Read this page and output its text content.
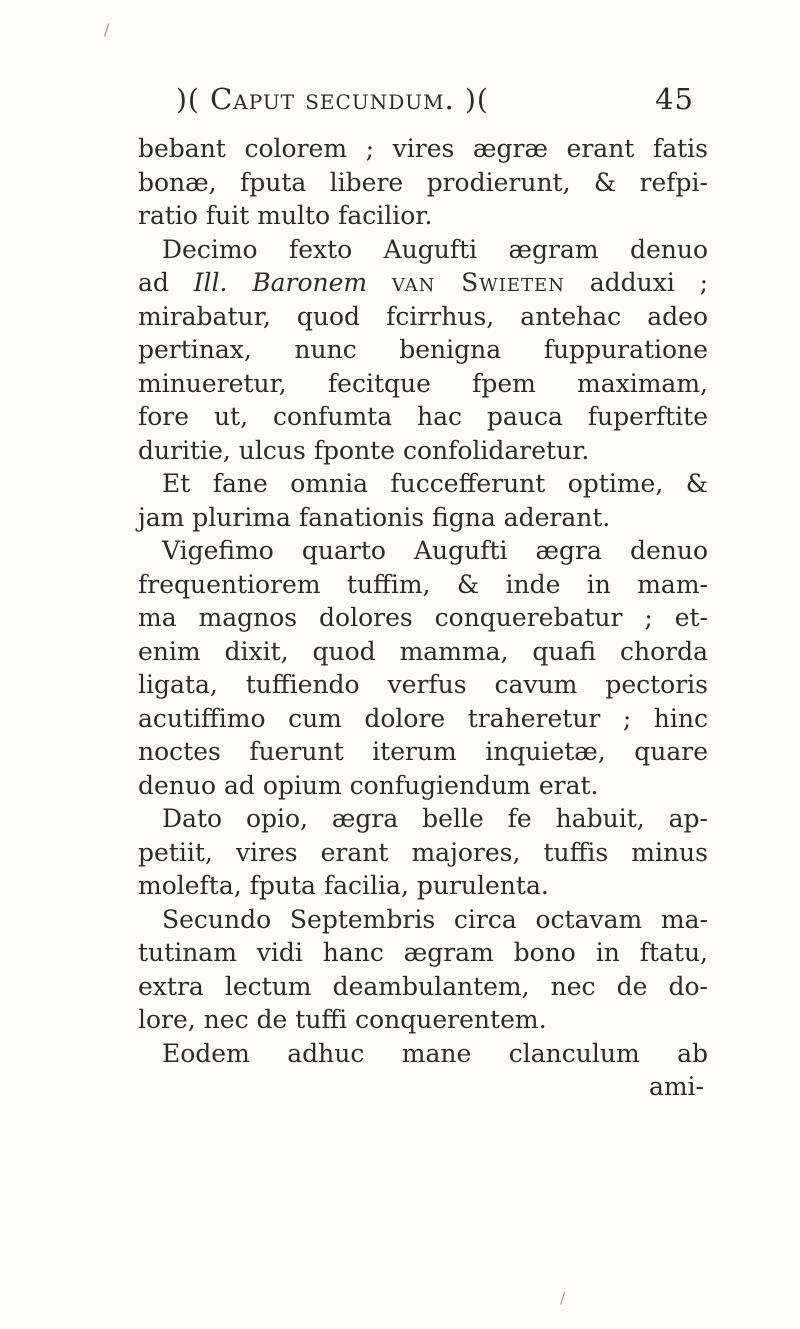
)( Caput secundum. )(	45
bebant colorem ; vires ægræ erant fatis
bonæ, fputa libere prodierunt, & refpi-
ratio fuit multo facilior.
Decimo fexto Augufti ægram denuo
ad Ill. Baronem van Swieten adduxi ;
mirabatur, quod fcirrhus, antehac adeo
pertinax, nunc benigna fuppuratione
minueretur, fecitque fpem maximam,
fore ut, confumta hac pauca fuperftite
duritie, ulcus fponte confolidaretur.
Et fane omnia fuccefferunt optime, &
jam plurima fanationis figna aderant.
Vigefimo quarto Augufti ægra denuo
frequentiorem tuffim, & inde in mam-
ma magnos dolores conquerebatur ; et-
enim dixit, quod mamma, quafi chorda
ligata, tuffiendo verfus cavum pectoris
acutiffimo cum dolore traheretur ; hinc
noctes fuerunt iterum inquietæ, quare
denuo ad opium confugiendum erat.
Dato opio, ægra belle fe habuit, ap-
petiit, vires erant majores, tuffis minus
molefta, fputa facilia, purulenta.
Secundo Septembris circa octavam ma-
tutinam vidi hanc ægram bono in ftatu,
extra lectum deambulantem, nec de do-
lore, nec de tuffi conquerentem.
Eodem adhuc mane clanculum ab
ami-
/
/
